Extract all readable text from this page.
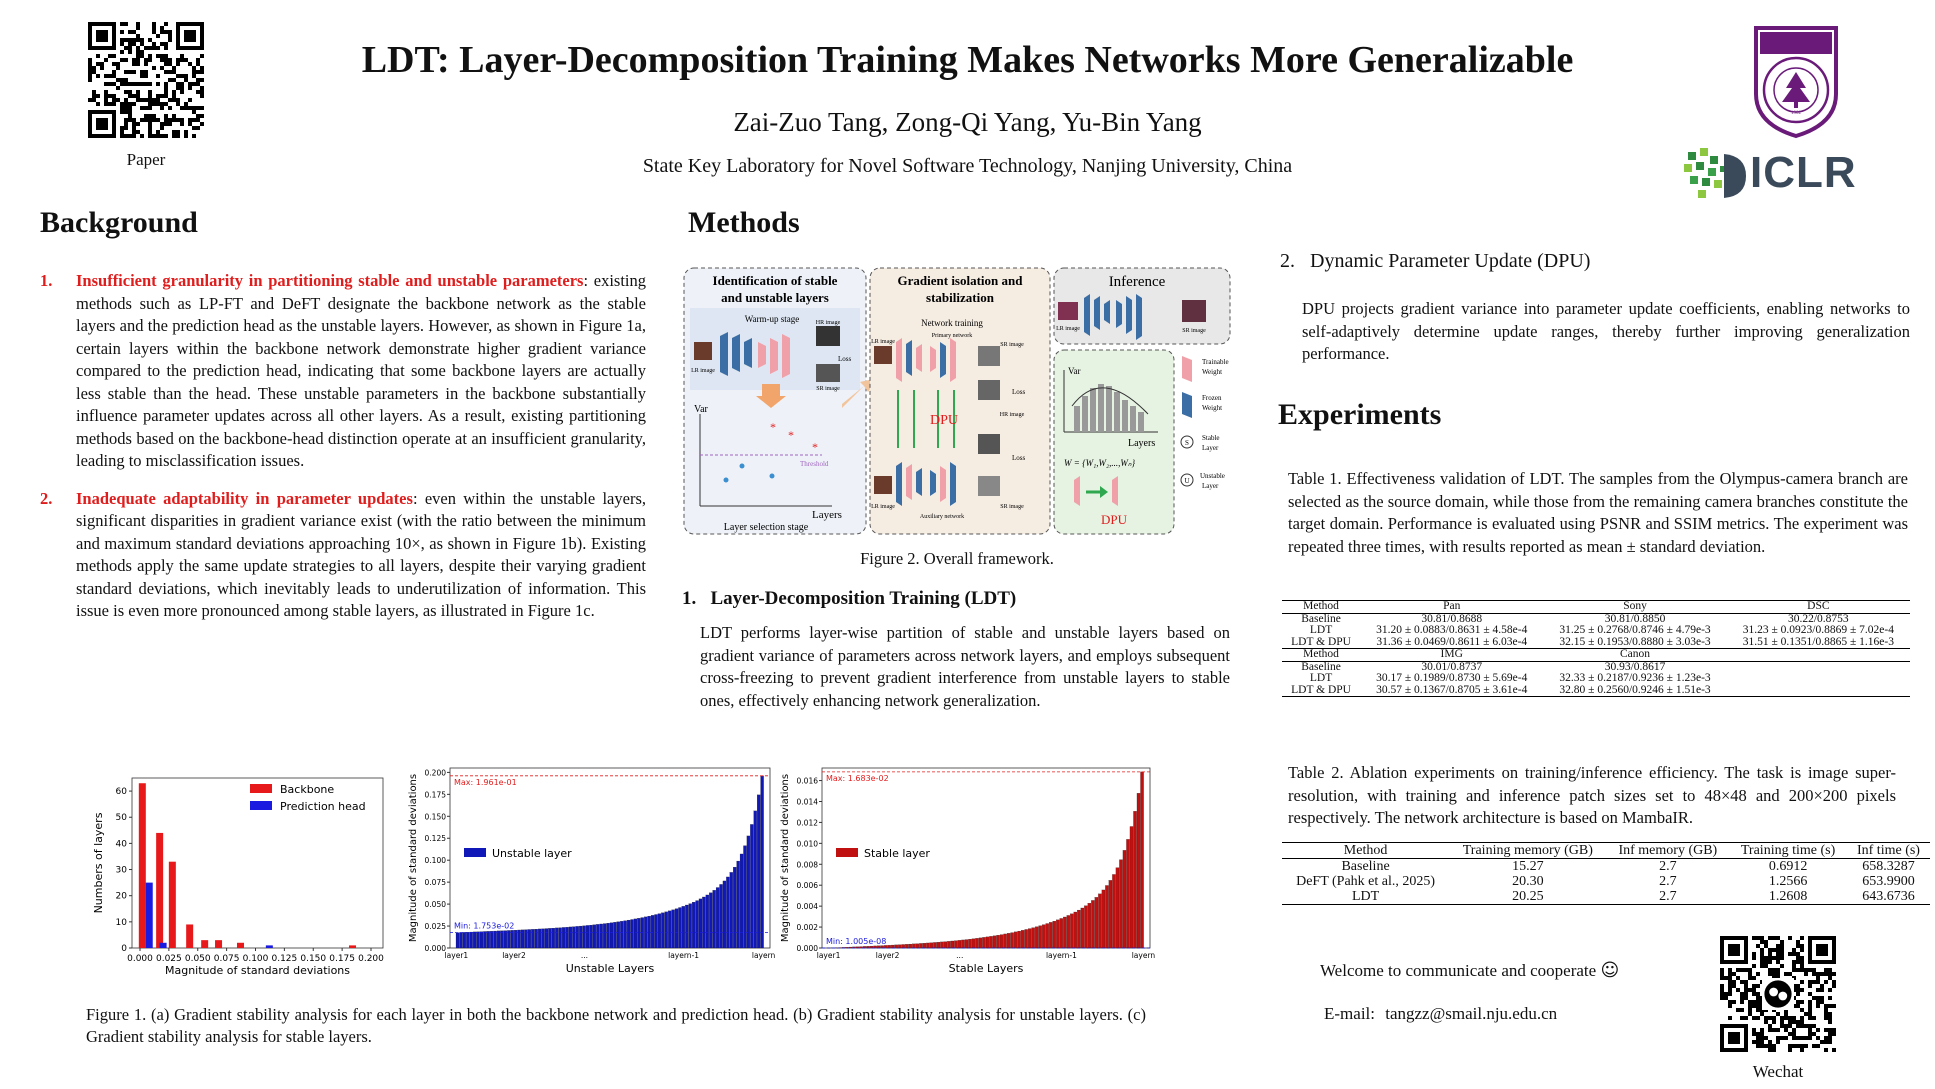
Paper
LDT: Layer-Decomposition Training Makes Networks More Generalizable
Zai-Zuo Tang, Zong-Qi Yang, Yu-Bin Yang
State Key Laboratory for Novel Software Technology, Nanjing University, China
1902
ICLR
Background
1. Insufficient granularity in partitioning stable and unstable parameters: existing methods such as LP-FT and DeFT designate the backbone network as the stable layers and the prediction head as the unstable layers. However, as shown in Figure 1a, certain layers within the backbone network demonstrate higher gradient variance compared to the prediction head, indicating that some backbone layers are actually less stable than the head. These unstable parameters in the backbone substantially influence parameter updates across all other layers. As a result, existing partitioning methods based on the backbone-head distinction operate at an insufficient granularity, leading to misclassification issues.
2. Inadequate adaptability in parameter updates: even within the unstable layers, significant disparities in gradient variance exist (with the ratio between the minimum and maximum standard deviations approaching 10×, as shown in Figure 1b). Existing methods apply the same update strategies to all layers, despite their varying gradient standard deviations, which inevitably leads to underutilization of information. This issue is even more pronounced among stable layers, as illustrated in Figure 1c.
Methods
Identification of stable
and unstable layers
Warm-up stage
LR image
HR image
Loss
SR image
Var
Threshold
*
*
*
Layers
Layer selection stage
Gradient isolation and
stabilization
Network training
Primary network
LR image	SR image
Loss
HR image
DPU
Loss
LR image	SR image
Auxiliary network
Inference
LR image	SR image
Var
Layers
W = {W₁,W₂,...,Wₙ}
DPU
Trainable
Weight
Frozen
Weight
S
Stable
Layer
U
Unstable
Layer
Figure 2. Overall framework.
1.   Layer-Decomposition Training (LDT)
LDT performs layer-wise partition of stable and unstable layers based on gradient variance of parameters across network layers, and employs subsequent cross-freezing to prevent gradient interference from unstable layers to stable ones, effectively enhancing network generalization.
2.   Dynamic Parameter Update (DPU)
DPU projects gradient variance into parameter update coefficients, enabling networks to self-adaptively determine update ranges, thereby further improving generalization performance.
Experiments
Table 1. Effectiveness validation of LDT. The samples from the Olympus-camera branch are selected as the source domain, while those from the remaining camera branches constitute the target domain. Performance is evaluated using PSNR and SSIM metrics. The experiment was repeated three times, with results reported as mean ± standard deviation.
Method	Pan	Sony	DSC
Baseline	30.81/0.8688	30.81/0.8850	30.22/0.8753
LDT	31.20 ± 0.0883/0.8631 ± 4.58e-4	31.25 ± 0.2768/0.8746 ± 4.79e-3	31.23 ± 0.0923/0.8869 ± 7.02e-4
LDT & DPU	31.36 ± 0.0469/0.8611 ± 6.03e-4	32.15 ± 0.1953/0.8880 ± 3.03e-3	31.51 ± 0.1351/0.8865 ± 1.16e-3
Method	IMG	Canon	
Baseline	30.01/0.8737	30.93/0.8617	
LDT	30.17 ± 0.1989/0.8730 ± 5.69e-4	32.33 ± 0.2187/0.9236 ± 1.23e-3	
LDT & DPU	30.57 ± 0.1367/0.8705 ± 3.61e-4	32.80 ± 0.2560/0.9246 ± 1.51e-3	
Table 2. Ablation experiments on training/inference efficiency. The task is image super-resolution, with training and inference patch sizes set to 48×48 and 200×200 pixels respectively. The network architecture is based on MambaIR.
Method	Training memory (GB)	Inf memory (GB)	Training time (s)	Inf time (s)
Baseline	15.27	2.7	0.6912	658.3287
DeFT (Pahk et al., 2025)	20.30	2.7	1.2566	653.9900
LDT	20.25	2.7	1.2608	643.6736
Welcome to communicate and cooperate ☺
E-mail: tangzz@smail.nju.edu.cn
Wechat
0
10
20
30
40
50
60
0.000 0.025 0.050 0.075 0.100 0.125 0.150 0.175 0.200
Magnitude of standard deviations
Numbers of layers
Backbone
Prediction head
Max: 1.961e-01
Min: 1.753e-02
0.000
0.025
0.050
0.075
0.100
0.125
0.150
0.175
0.200
layer1	layer2	...	layern-1	layern
Unstable Layers
Magnitude of standard deviations	Unstable layer
Max: 1.683e-02
Min: 1.005e-08
0.000
0.002
0.004
0.006
0.008
0.010
0.012
0.014
0.016
layer1	layer2	...	layern-1	layern
Stable Layers
Magnitude of standard deviations	Stable layer
Figure 1. (a) Gradient stability analysis for each layer in both the backbone network and prediction head. (b) Gradient stability analysis for unstable layers. (c) Gradient stability analysis for stable layers.
